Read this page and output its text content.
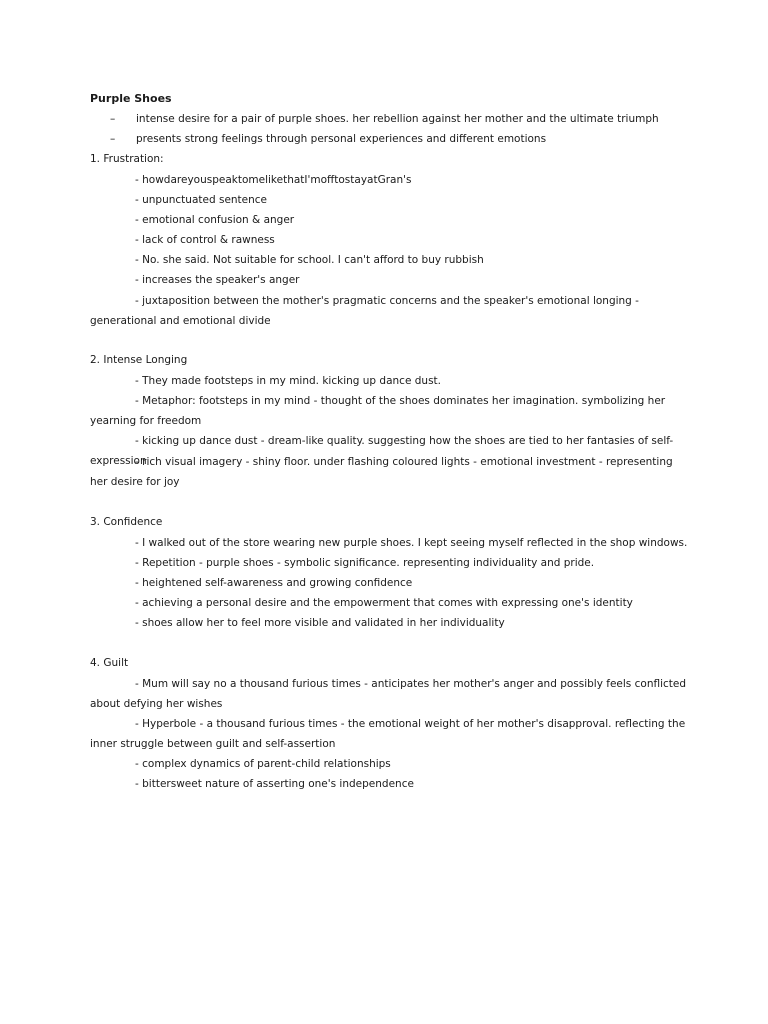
Purple Shoes
– intense desire for a pair of purple shoes. her rebellion against her mother and the ultimate triumph
– presents strong feelings through personal experiences and different emotions
1. Frustration:
- howdareyouspeaktomelikethatI'mofftostayatGran's
- unpunctuated sentence
- emotional confusion & anger
- lack of control & rawness
- No. she said. Not suitable for school. I can't afford to buy rubbish
- increases the speaker's anger
- juxtaposition between the mother's pragmatic concerns and the speaker's emotional longing -generational and emotional divide
2. Intense Longing
- They made footsteps in my mind. kicking up dance dust.
- Metaphor: footsteps in my mind - thought of the shoes dominates her imagination. symbolizing her yearning for freedom
- kicking up dance dust - dream-like quality. suggesting how the shoes are tied to her fantasies of self-expression
- rich visual imagery - shiny floor. under flashing coloured lights - emotional investment - representing her desire for joy
3. Confidence
- I walked out of the store wearing new purple shoes. I kept seeing myself reflected in the shop windows.
- Repetition - purple shoes - symbolic significance. representing individuality and pride.
- heightened self-awareness and growing confidence
- achieving a personal desire and the empowerment that comes with expressing one's identity
- shoes allow her to feel more visible and validated in her individuality
4. Guilt
- Mum will say no a thousand furious times - anticipates her mother's anger and possibly feels conflicted about defying her wishes
- Hyperbole - a thousand furious times - the emotional weight of her mother's disapproval. reflecting the inner struggle between guilt and self-assertion
- complex dynamics of parent-child relationships
- bittersweet nature of asserting one's independence
